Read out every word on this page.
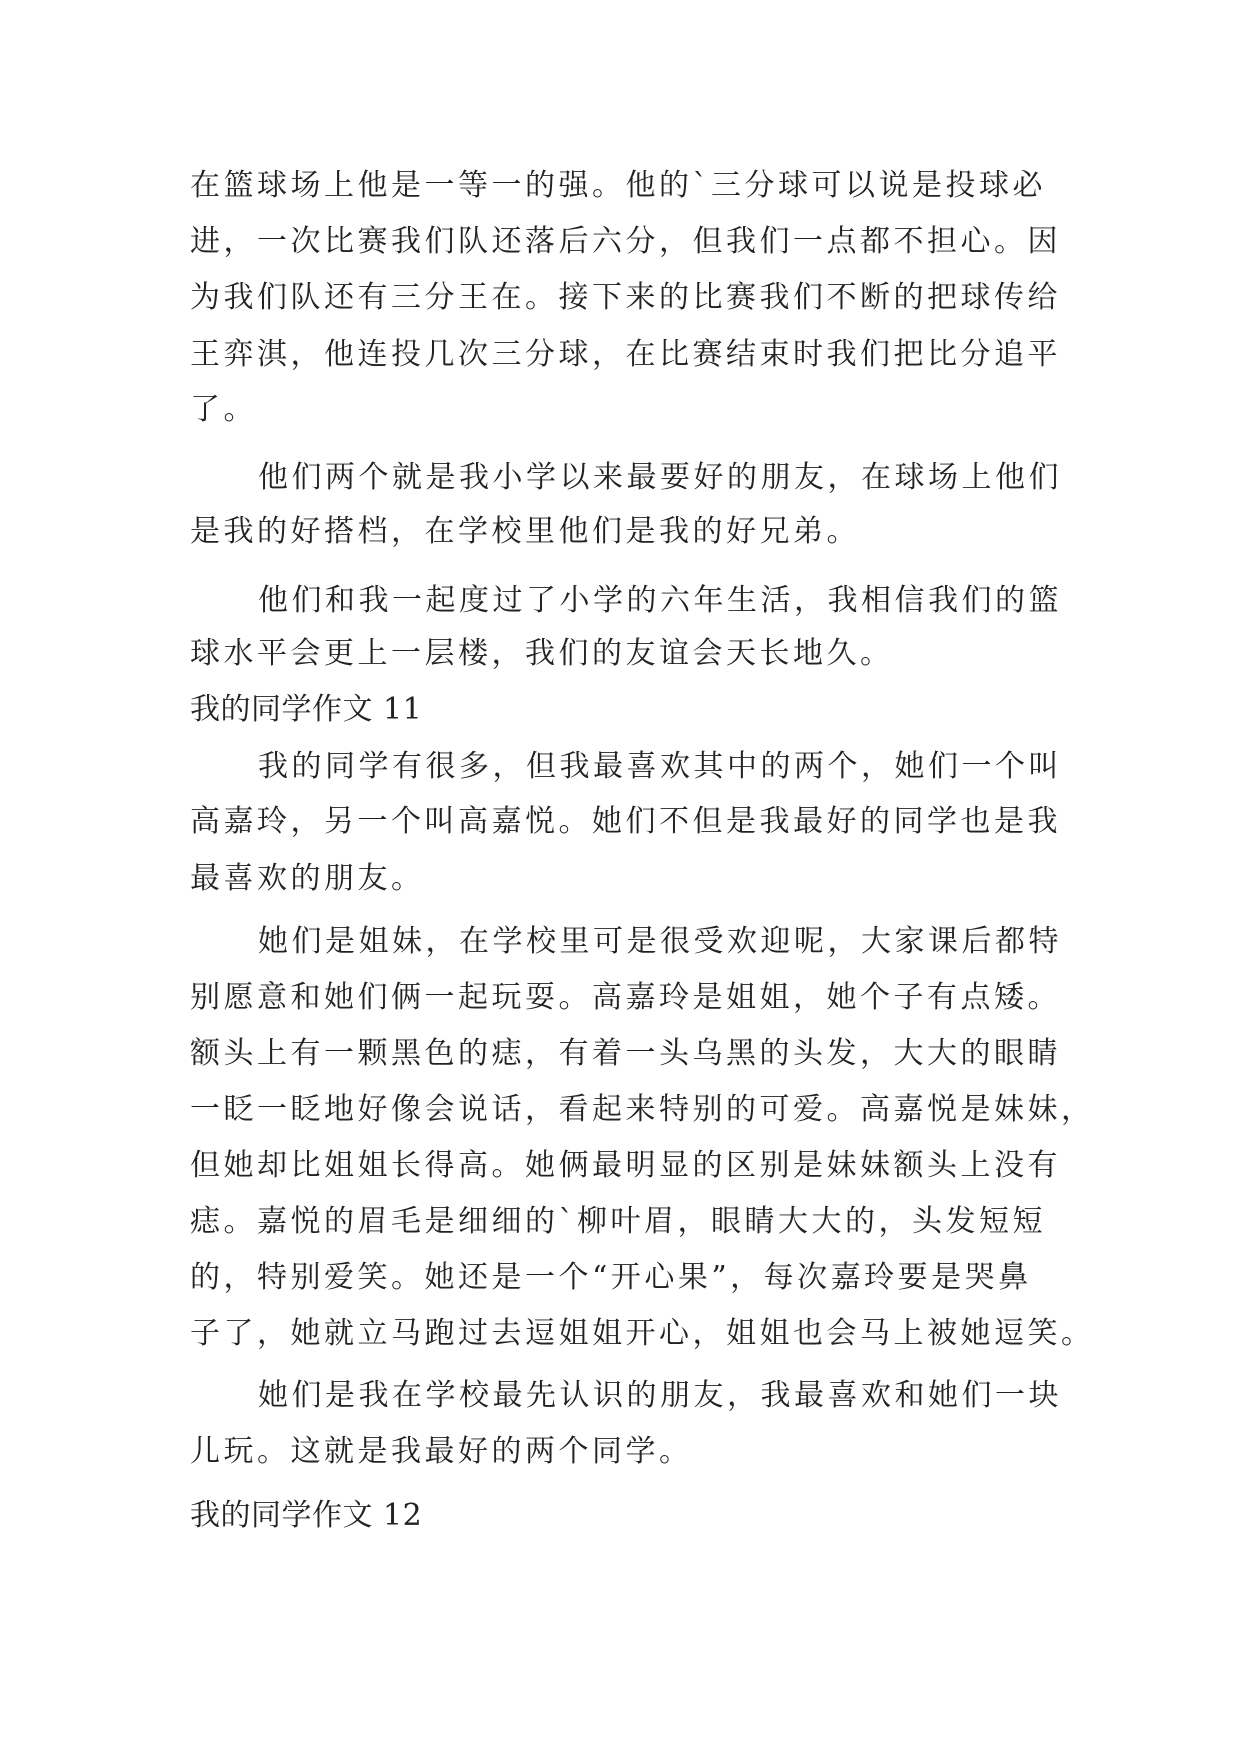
在篮球场上他是一等一的强。他的`三分球可以说是投球必
进，一次比赛我们队还落后六分，但我们一点都不担心。因
为我们队还有三分王在。接下来的比赛我们不断的把球传给
王弈淇，他连投几次三分球，在比赛结束时我们把比分追平
了。
他们两个就是我小学以来最要好的朋友，在球场上他们
是我的好搭档，在学校里他们是我的好兄弟。
他们和我一起度过了小学的六年生活，我相信我们的篮
球水平会更上一层楼，我们的友谊会天长地久。
我的同学作文 11
我的同学有很多，但我最喜欢其中的两个，她们一个叫
高嘉玲，另一个叫高嘉悦。她们不但是我最好的同学也是我
最喜欢的朋友。
她们是姐妹，在学校里可是很受欢迎呢，大家课后都特
别愿意和她们俩一起玩耍。高嘉玲是姐姐，她个子有点矮。
额头上有一颗黑色的痣，有着一头乌黑的头发，大大的眼睛
一眨一眨地好像会说话，看起来特别的可爱。高嘉悦是妹妹，
但她却比姐姐长得高。她俩最明显的区别是妹妹额头上没有
痣。嘉悦的眉毛是细细的`柳叶眉，眼睛大大的，头发短短
的，特别爱笑。她还是一个“开心果”，每次嘉玲要是哭鼻
子了，她就立马跑过去逗姐姐开心，姐姐也会马上被她逗笑。
她们是我在学校最先认识的朋友，我最喜欢和她们一块
儿玩。这就是我最好的两个同学。
我的同学作文 12
